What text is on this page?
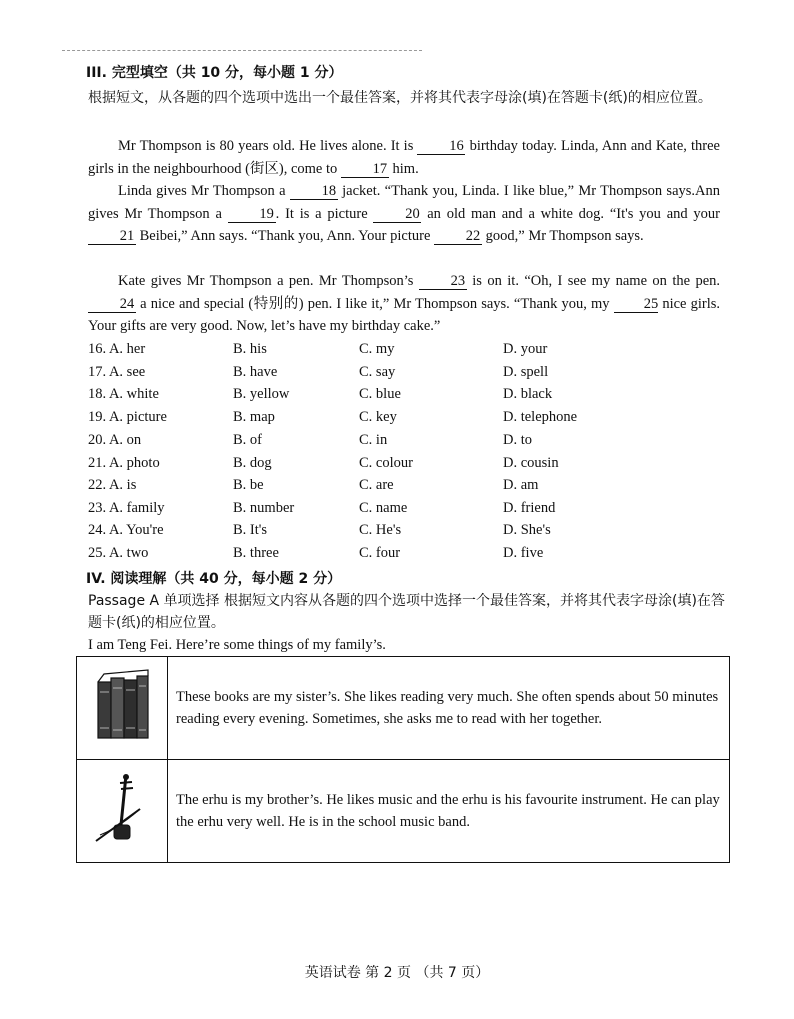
III. 完型填空（共 10 分，每小题 1 分）
根据短文，从各题的四个选项中选出一个最佳答案，并将其代表字母涂(填)在答题卡(纸)的相应位置。
Mr Thompson is 80 years old. He lives alone. It is 16 birthday today. Linda, Ann and Kate, three girls in the neighbourhood (街区), come to 17 him.
Linda gives Mr Thompson a 18 jacket. “Thank you, Linda. I like blue,” Mr Thompson says.Ann gives Mr Thompson a 19 . It is a picture 20 an old man and a white dog. “It's you and your 21 Beibei,” Ann says. “Thank you, Ann. Your picture 22 good,” Mr Thompson says.
Kate gives Mr Thompson a pen. Mr Thompson’s 23 is on it. “Oh, I see my name on the pen. 24 a nice and special (特别的) pen. I like it,” Mr Thompson says. “Thank you, my 25 nice girls. Your gifts are very good. Now, let’s have my birthday cake.”
16. A. her	B. his	C. my	D. your
17. A. see	B. have	C. say	D. spell
18. A. white	B. yellow	C. blue	D. black
19. A. picture	B. map	C. key	D. telephone
20. A. on	B. of	C. in	D. to
21. A. photo	B. dog	C. colour	D. cousin
22. A. is	B. be	C. are	D. am
23. A. family	B. number	C. name	D. friend
24. A. You're	B. It's	C. He's	D. She's
25. A. two	B. three	C. four	D. five
IV. 阅读理解（共 40 分，每小题 2 分）
Passage A 单项选择 根据短文内容从各题的四个选项中选择一个最佳答案，并将其代表字母涂(填)在答题卡(纸)的相应位置。
I am Teng Fei. Here’re some things of my family’s.
	These books are my sister’s. She likes reading very much. She often spends about 50 minutes reading every evening. Sometimes, she asks me to read with her together.
	The erhu is my brother’s. He likes music and the erhu is his favourite instrument. He can play the erhu very well. He is in the school music band.
英语试卷 第 2 页 （共 7 页）
